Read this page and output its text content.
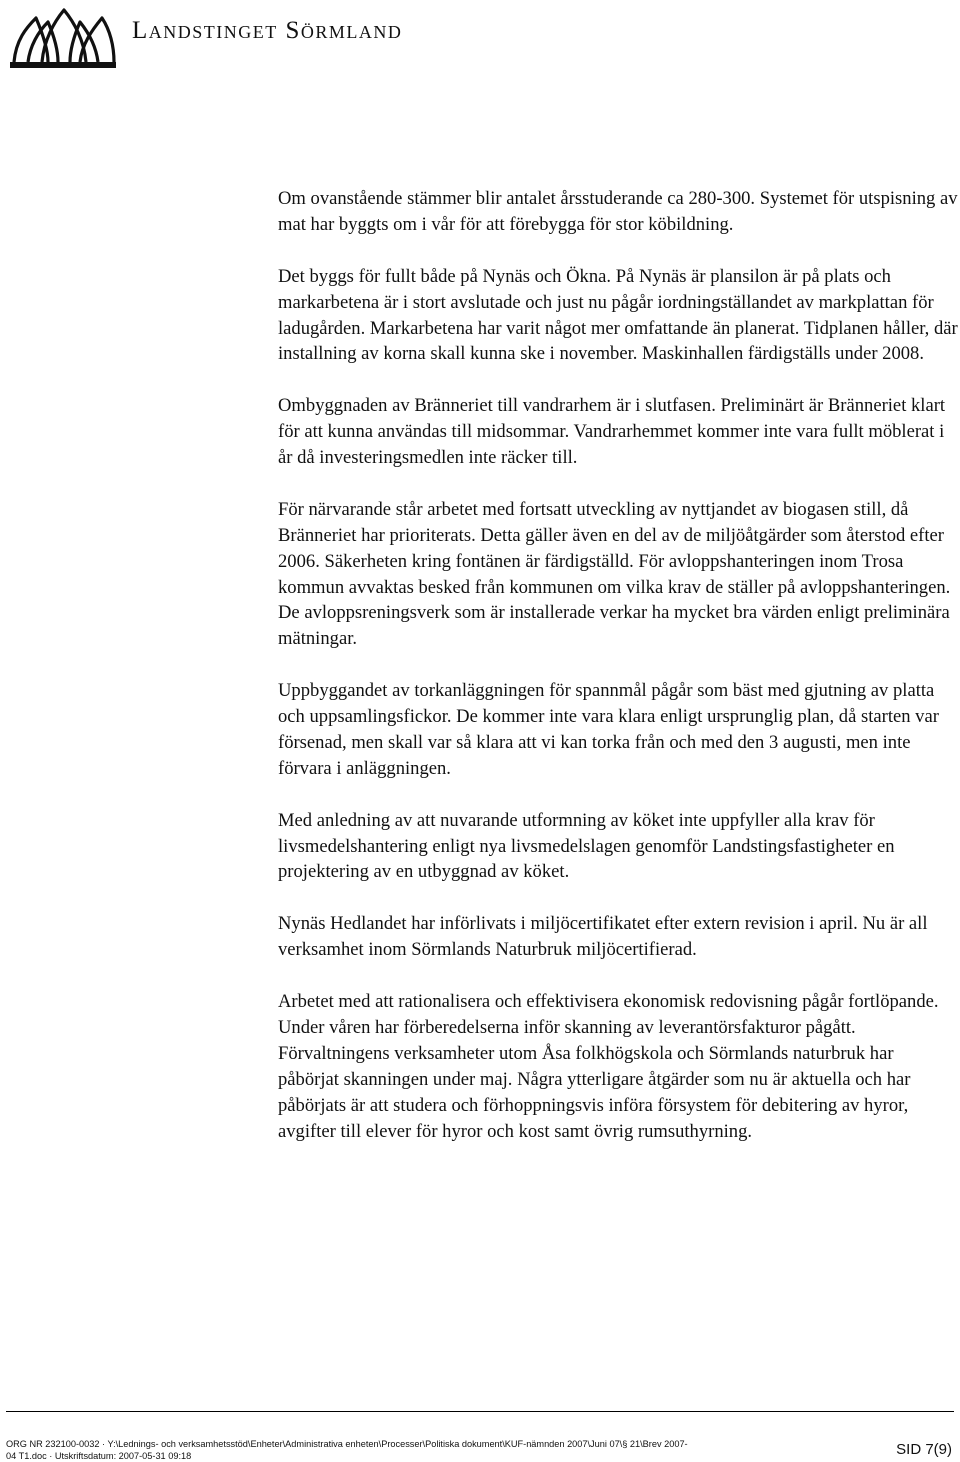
Landstinget Sörmland

Om ovanstående stämmer blir antalet årsstuderande ca 280-300. Systemet för utspisning av mat har byggts om i vår för att förebygga för stor köbildning.

Det byggs för fullt både på Nynäs och Ökna. På Nynäs är plansilon är på plats och markarbetena är i stort avslutade och just nu pågår iordningställandet av markplattan för ladugården. Markarbetena har varit något mer omfattande än planerat. Tidplanen håller, där installning av korna skall kunna ske i november. Maskinhallen färdigställs under 2008.

Ombyggnaden av Bränneriet till vandrarhem är i slutfasen. Preliminärt är Bränneriet klart för att kunna användas till midsommar. Vandrarhemmet kommer inte vara fullt möblerat i år då investeringsmedlen inte räcker till.

För närvarande står arbetet med fortsatt utveckling av nyttjandet av biogasen still, då Bränneriet har prioriterats. Detta gäller även en del av de miljöåtgärder som återstod efter 2006. Säkerheten kring fontänen är färdigställd. För avloppshanteringen inom Trosa kommun avvaktas besked från kommunen om vilka krav de ställer på avloppshanteringen. De avloppsreningsverk som är installerade verkar ha mycket bra värden enligt preliminära mätningar.

Uppbyggandet av torkanläggningen för spannmål pågår som bäst med gjutning av platta och uppsamlingsfickor. De kommer inte vara klara enligt ursprunglig plan, då starten var försenad, men skall var så klara att vi kan torka från och med den 3 augusti, men inte förvara i anläggningen.

Med anledning av att nuvarande utformning av köket inte uppfyller alla krav för livsmedelshantering enligt nya livsmedelslagen genomför Landstingsfastigheter en projektering av en utbyggnad av köket.

Nynäs Hedlandet har införlivats i miljöcertifikatet efter extern revision i april. Nu är all verksamhet inom Sörmlands Naturbruk miljöcertifierad.

Arbetet med att rationalisera och effektivisera ekonomisk redovisning pågår fortlöpande. Under våren har förberedelserna inför skanning av leverantörsfakturor pågått. Förvaltningens verksamheter utom Åsa folkhögskola och Sörmlands naturbruk har påbörjat skanningen under maj. Några ytterligare åtgärder som nu är aktuella och har påbörjats är att studera och förhoppningsvis införa försystem för debitering av hyror, avgifter till elever för hyror och kost samt övrig rumsuthyrning.

ORG NR 232100-0032 · Y:\Lednings- och verksamhetsstöd\Enheter\Administrativa enheten\Processer\Politiska dokument\KUF-nämnden 2007\Juni 07\§ 21\Brev 2007-
04 T1.doc · Utskriftsdatum: 2007-05-31 09:18	SID 7(9)
